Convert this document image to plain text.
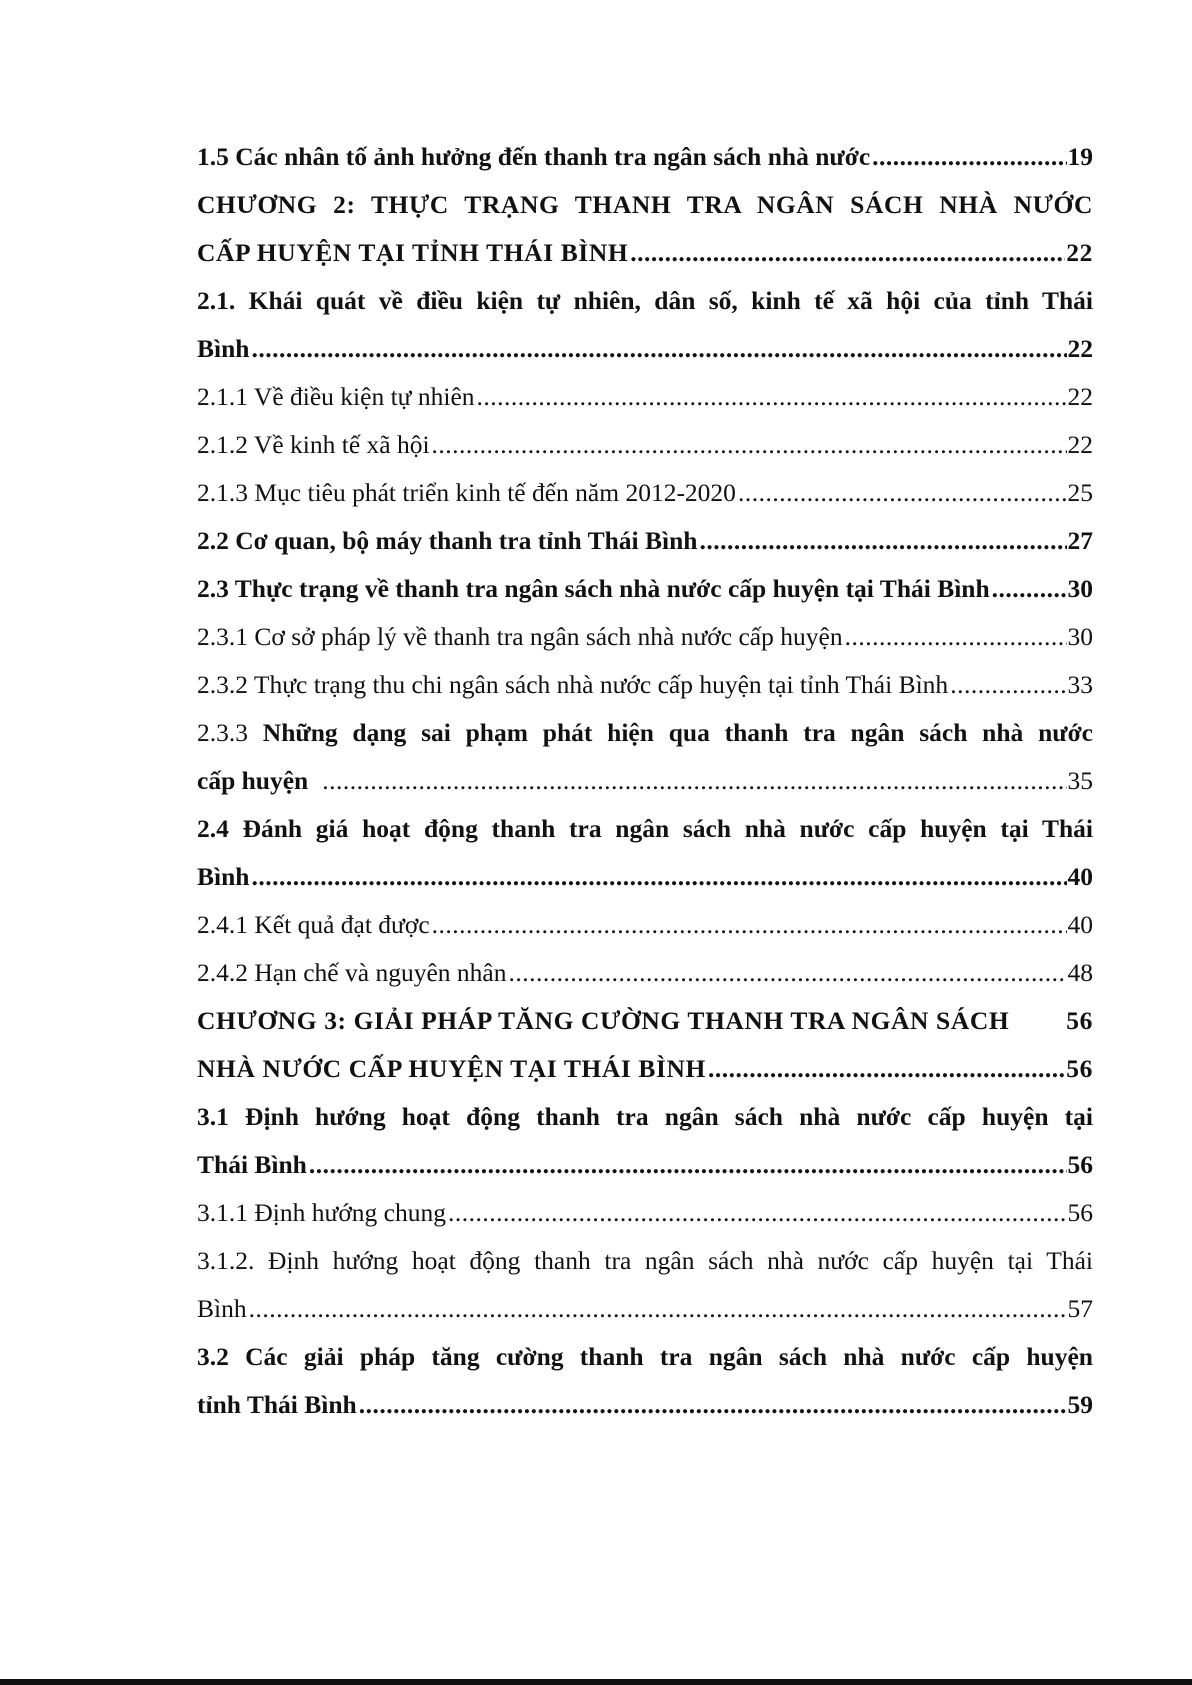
1.5 Các nhân tố ảnh hưởng đến thanh tra ngân sách nhà nước .....	19
CHƯƠNG 2: THỰC TRẠNG THANH TRA NGÂN SÁCH NHÀ NƯỚC
CẤP HUYỆN TẠI TỈNH THÁI BÌNH .....	22
2.1. Khái quát về điều kiện tự nhiên, dân số, kinh tế xã hội của tỉnh Thái
Bình .....	22
2.1.1 Về điều kiện tự nhiên .....	22
2.1.2 Về kinh tế xã hội .....	22
2.1.3 Mục tiêu phát triển kinh tế đến năm 2012-2020 .....	25
2.2 Cơ quan, bộ máy thanh tra tỉnh Thái Bình .....	27
2.3 Thực trạng về thanh tra ngân sách nhà nước cấp huyện tại Thái Bình .....	30
2.3.1 Cơ sở pháp lý về thanh tra ngân sách nhà nước cấp huyện .....	30
2.3.2 Thực trạng thu chi ngân sách nhà nước cấp huyện tại tỉnh Thái Bình .....	33
2.3.3 Những dạng sai phạm phát hiện qua thanh tra ngân sách nhà nước
cấp huyện .....	35
2.4 Đánh giá hoạt động thanh tra ngân sách nhà nước cấp huyện tại Thái
Bình .....	40
2.4.1 Kết quả đạt được .....	40
2.4.2 Hạn chế và nguyên nhân .....	48
CHƯƠNG 3: GIẢI PHÁP TĂNG CƯỜNG THANH TRA NGÂN SÁCH 56
NHÀ NƯỚC CẤP HUYỆN TẠI THÁI BÌNH .....	56
3.1 Định hướng hoạt động thanh tra ngân sách nhà nước cấp huyện tại
Thái Bình .....	56
3.1.1 Định hướng chung .....	56
3.1.2. Định hướng hoạt động thanh tra ngân sách nhà nước cấp huyện tại Thái
Bình .....	57
3.2 Các giải pháp tăng cường thanh tra ngân sách nhà nước cấp huyện
tỉnh Thái Bình .....	59
